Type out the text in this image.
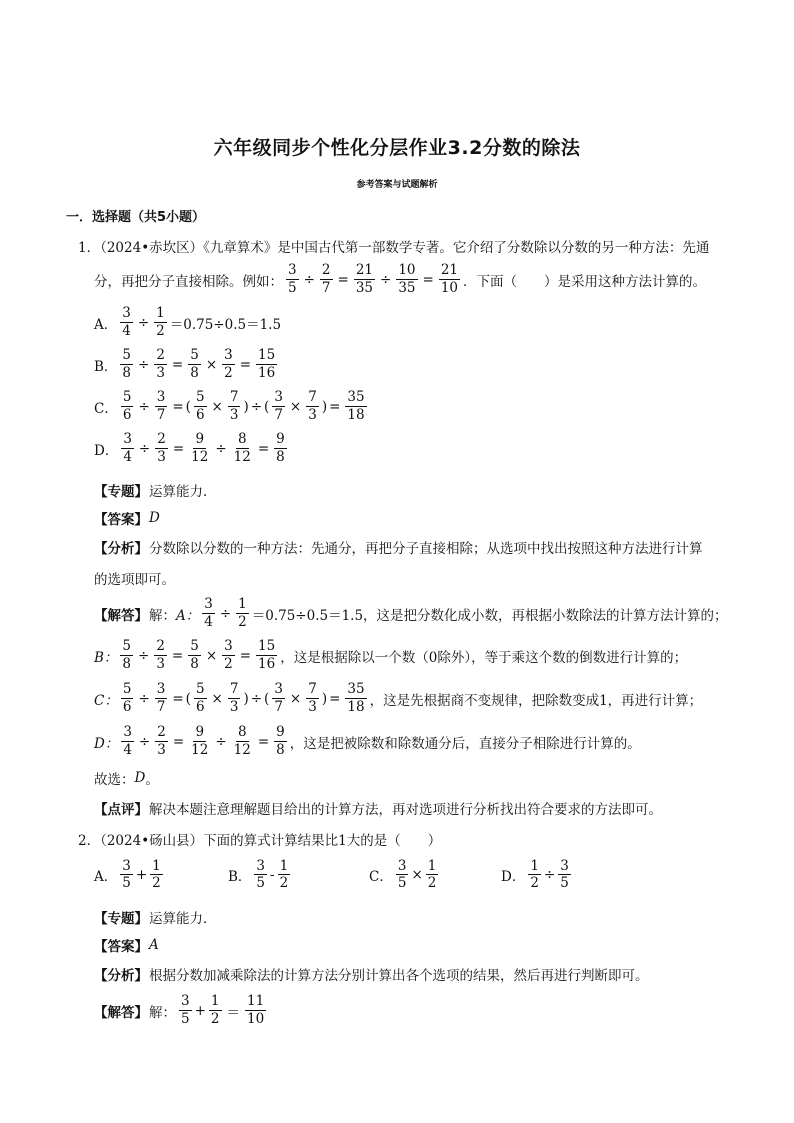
六年级同步个性化分层作业3.2分数的除法
参考答案与试题解析
一．选择题（共5小题）
1．（2024•赤坎区）《九章算术》是中国古代第一部数学专著。它介绍了分数除以分数的另一种方法：先通
分，再把分子直接相除。例如： $\frac{3}{5} \div \frac{2}{7} = \frac{21}{35} \div \frac{10}{35} = \frac{21}{10}$ ．下面（　　）是采用这种方法计算的。
A． $\frac{3}{4} \div \frac{1}{2} =0.75\div 0.5=1.5$
B． $\frac{5}{8} \div \frac{2}{3} = \frac{5}{8} \times \frac{3}{2} = \frac{15}{16}$
C． $\frac{5}{6} \div \frac{3}{7}$ = ( $\frac{5}{6} \times \frac{7}{3}$ ) ÷ ( $\frac{3}{7} \times \frac{7}{3}$ ) = $\frac{35}{18}$
D． $\frac{3}{4} \div \frac{2}{3} = \frac{9}{12} \div \frac{8}{12} = \frac{9}{8}$
【专题】 运算能力．
【答案】 D
【分析】 分数除以分数的一种方法：先通分，再把分子直接相除；从选项中找出按照这种方法进行计算
的选项即可。
【解答】 解： A： $\frac{3}{4} \div \frac{1}{2} =0.75\div 0.5=1.5$，这是把分数化成小数，再根据小数除法的计算方法计算的；
B： $\frac{5}{8} \div \frac{2}{3} = \frac{5}{8} \times \frac{3}{2} = \frac{15}{16}$ ，这是根据除以一个数（0除外），等于乘这个数的倒数进行计算的；
C： $\frac{5}{6} \div \frac{3}{7}$ = ( $\frac{5}{6} \times \frac{7}{3}$ ) ÷ ( $\frac{3}{7} \times \frac{7}{3}$ ) = $\frac{35}{18}$ ，这是先根据商不变规律，把除数变成1，再进行计算；
D： $\frac{3}{4} \div \frac{2}{3} = \frac{9}{12} \div \frac{8}{12} = \frac{9}{8}$ ，这是把被除数和除数通分后，直接分子相除进行计算的。
故选： D 。
【点评】 解决本题注意理解题目给出的计算方法，再对选项进行分析找出符合要求的方法即可。
2．（2024•砀山县）下面的算式计算结果比1大的是（　　）
A． $\frac{3}{5} + \frac{1}{2}$	B． $\frac{3}{5} - \frac{1}{2}$	C． $\frac{3}{5} \times \frac{1}{2}$	D． $\frac{1}{2} \div \frac{3}{5}$
【专题】 运算能力．
【答案】 A
【分析】 根据分数加减乘除法的计算方法分别计算出各个选项的结果，然后再进行判断即可。
【解答】 解： $\frac{3}{5} + \frac{1}{2} = \frac{11}{10}$
